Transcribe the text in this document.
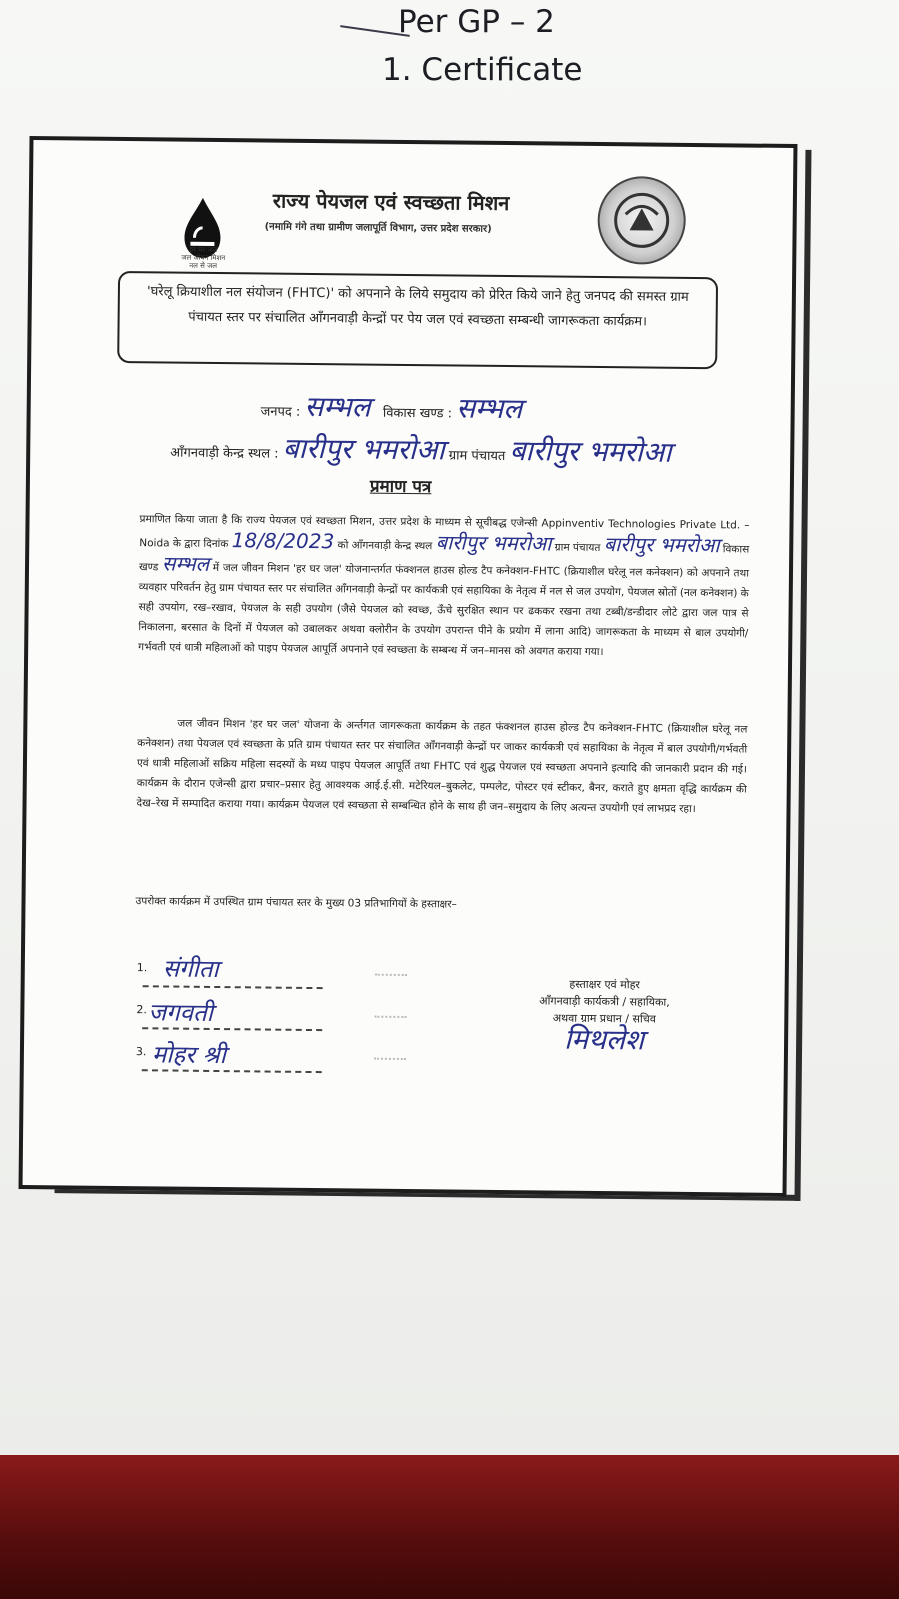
Per GP – 2
1. Certificate
हर घर जल
जल जीवन मिशन
नल से जल
राज्य पेयजल एवं स्वच्छता मिशन
(नमामि गंगे तथा ग्रामीण जलापूर्ति विभाग, उत्तर प्रदेश सरकार)
'घरेलू क्रियाशील नल संयोजन (FHTC)' को अपनाने के लिये समुदाय को प्रेरित किये जाने हेतु जनपद की समस्त ग्राम पंचायत स्तर पर संचालित आँगनवाड़ी केन्द्रों पर पेय जल एवं स्वच्छता सम्बन्धी जागरूकता कार्यक्रम।
जनपद : सम्भल विकास खण्ड : सम्भल
आँगनवाड़ी केन्द्र स्थल : बारीपुर भमरोआ ग्राम पंचायत बारीपुर भमरोआ
प्रमाण पत्र

प्रमाणित किया जाता है कि राज्य पेयजल एवं स्वच्छता मिशन, उत्तर प्रदेश के माध्यम से सूचीबद्ध एजेन्सी Appinventiv Technologies Private Ltd. – Noida के द्वारा दिनांक 18/8/2023 को आँगनवाड़ी केन्द्र स्थल बारीपुर भमरोआ ग्राम पंचायत बारीपुर भमरोआ विकास खण्ड सम्भल में जल जीवन मिशन 'हर घर जल' योजनान्तर्गत फंक्शनल हाउस होल्ड टैप कनेक्शन-FHTC (क्रियाशील घरेलू नल कनेक्शन) को अपनाने तथा व्यवहार परिवर्तन हेतु ग्राम पंचायत स्तर पर संचालित आँगनवाड़ी केन्द्रों पर कार्यकत्री एवं सहायिका के नेतृत्व में नल से जल उपयोग, पेयजल स्रोतों (नल कनेक्शन) के सही उपयोग, रख–रखाव, पेयजल के सही उपयोग (जैसे पेयजल को स्वच्छ, ऊँचे सुरक्षित स्थान पर ढककर रखना तथा टब्बी/डन्डीदार लोटे द्वारा जल पात्र से निकालना, बरसात के दिनों में पेयजल को उबालकर अथवा क्लोरीन के उपयोग उपरान्त पीने के प्रयोग में लाना आदि) जागरूकता के माध्यम से बाल उपयोगी/गर्भवती एवं धात्री महिलाओं को पाइप पेयजल आपूर्ति अपनाने एवं स्वच्छता के सम्बन्ध में जन–मानस को अवगत कराया गया।

जल जीवन मिशन 'हर घर जल' योजना के अर्न्तगत जागरूकता कार्यक्रम के तहत फंक्शनल हाउस होल्ड टैप कनेक्शन-FHTC (क्रियाशील घरेलू नल कनेक्शन) तथा पेयजल एवं स्वच्छता के प्रति ग्राम पंचायत स्तर पर संचालित आँगनवाड़ी केन्द्रों पर जाकर कार्यकत्री एवं सहायिका के नेतृत्व में बाल उपयोगी/गर्भवती एवं धात्री महिलाओं सक्रिय महिला सदस्यों के मध्य पाइप पेयजल आपूर्ति तथा FHTC एवं शुद्ध पेयजल एवं स्वच्छता अपनाने इत्यादि की जानकारी प्रदान की गई। कार्यक्रम के दौरान एजेन्सी द्वारा प्रचार–प्रसार हेतु आवश्यक आई.ई.सी. मटेरियल–बुकलेट, पम्पलेट, पोस्टर एवं स्टीकर, बैनर, कराते हुए क्षमता वृद्धि कार्यक्रम की देख–रेख में सम्पादित कराया गया। कार्यक्रम पेयजल एवं स्वच्छता से सम्बन्धित होने के साथ ही जन–समुदाय के लिए अत्यन्त उपयोगी एवं लाभप्रद रहा।

उपरोक्त कार्यक्रम में उपस्थित ग्राम पंचायत स्तर के मुख्य 03 प्रतिभागियों के हस्ताक्षर–
1. संगीता
2. जगवती
3. मोहर श्री
हस्ताक्षर एवं मोहर
आँगनवाड़ी कार्यकत्री / सहायिका,
अथवा ग्राम प्रधान / सचिव
मिथलेश
